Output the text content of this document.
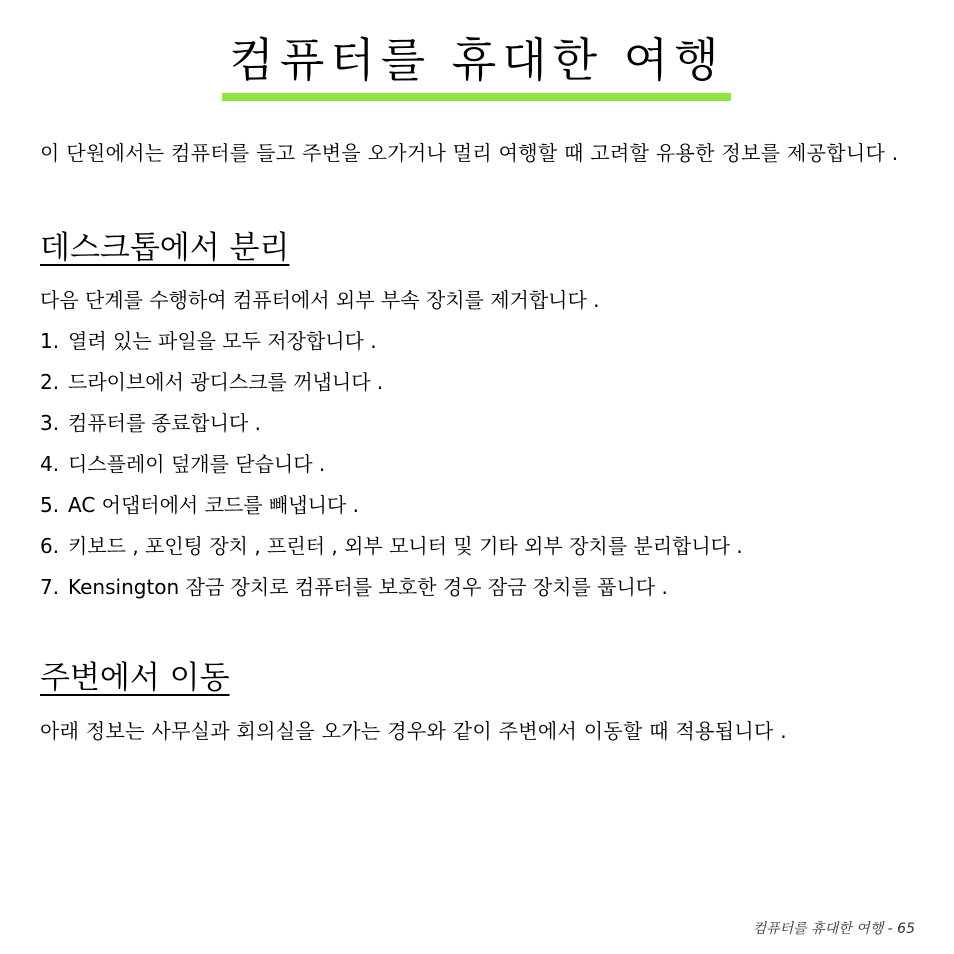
컴퓨터를 휴대한 여행

이 단원에서는 컴퓨터를 들고 주변을 오가거나 멀리 여행할 때 고려할 유용한 정보를 제공합니다 .

데스크톱에서 분리

다음 단계를 수행하여 컴퓨터에서 외부 부속 장치를 제거합니다 .

1. 열려 있는 파일을 모두 저장합니다 .
2. 드라이브에서 광디스크를 꺼냅니다 .
3. 컴퓨터를 종료합니다 .
4. 디스플레이 덮개를 닫습니다 .
5. AC 어댑터에서 코드를 빼냅니다 .
6. 키보드 , 포인팅 장치 , 프린터 , 외부 모니터 및 기타 외부 장치를 분리합니다 .
7. Kensington 잠금 장치로 컴퓨터를 보호한 경우 잠금 장치를 풉니다 .
주변에서 이동

아래 정보는 사무실과 회의실을 오가는 경우와 같이 주변에서 이동할 때 적용됩니다 .

컴퓨터를 휴대한 여행 - 65
